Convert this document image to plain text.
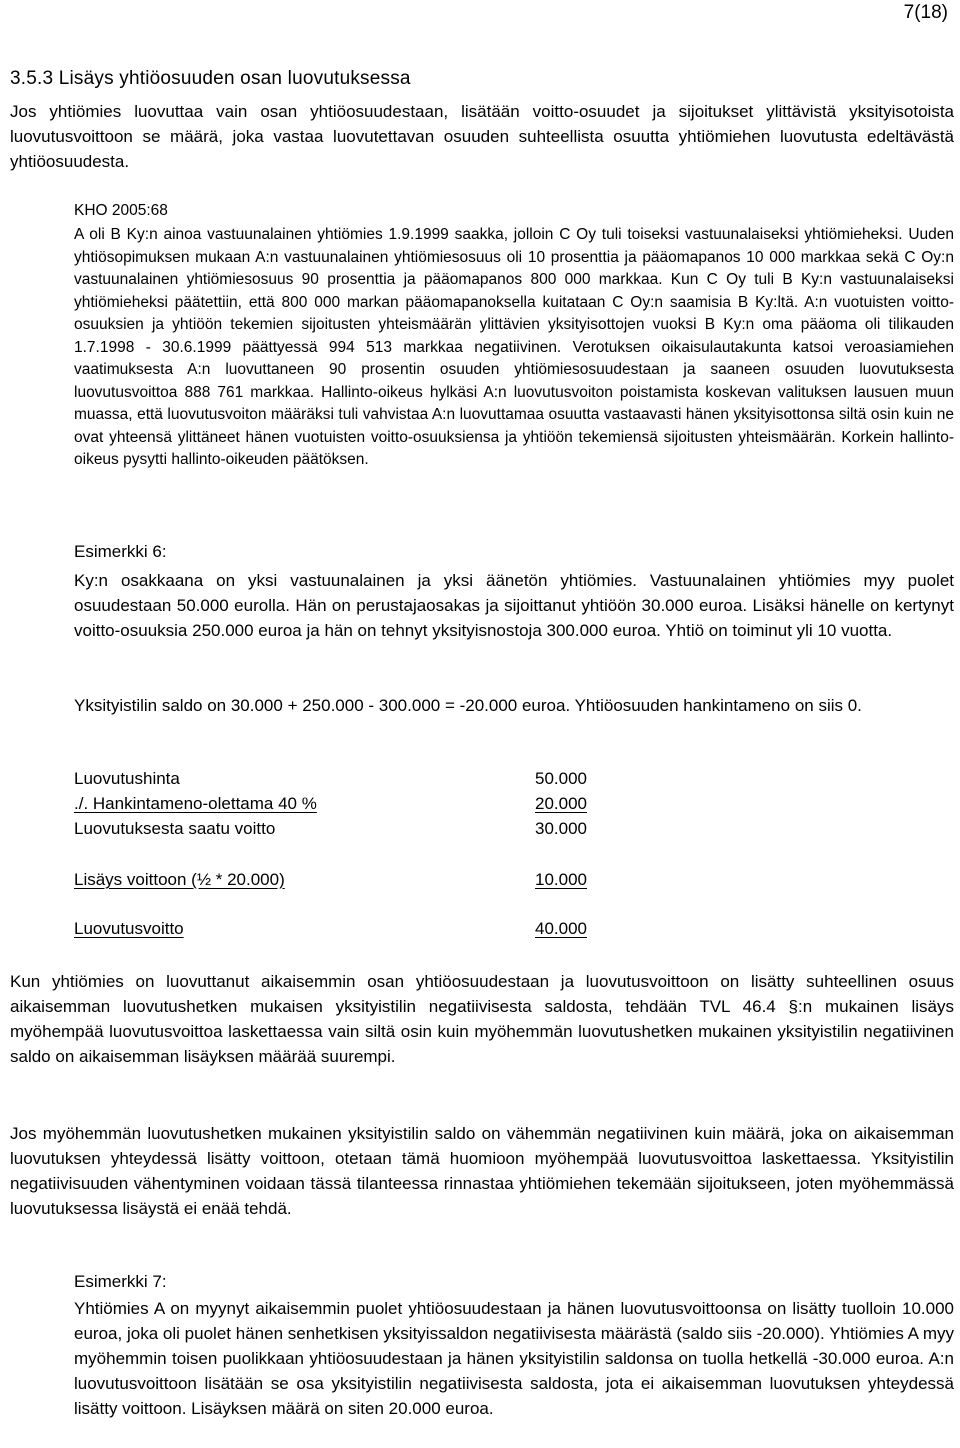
7(18)
3.5.3 Lisäys yhtiöosuuden osan luovutuksessa
Jos yhtiömies luovuttaa vain osan yhtiöosuudestaan, lisätään voitto-osuudet ja sijoitukset ylittävistä yksityisotoista luovutusvoittoon se määrä, joka vastaa luovutettavan osuuden suhteellista osuutta yhtiömiehen luovutusta edeltävästä yhtiöosuudesta.
KHO 2005:68
A oli B Ky:n ainoa vastuunalainen yhtiömies 1.9.1999 saakka, jolloin C Oy tuli toiseksi vastuunalaiseksi yhtiömieheksi. Uuden yhtiösopimuksen mukaan A:n vastuunalainen yhtiömiesosuus oli 10 prosenttia ja pääomapanos 10 000 markkaa sekä C Oy:n vastuunalainen yhtiömiesosuus 90 prosenttia ja pääomapanos 800 000 markkaa. Kun C Oy tuli B Ky:n vastuunalaiseksi yhtiömieheksi päätettiin, että 800 000 markan pääomapanoksella kuitataan C Oy:n saamisia B Ky:ltä. A:n vuotuisten voitto-osuuksien ja yhtiöön tekemien sijoitusten yhteismäärän ylittävien yksityisottojen vuoksi B Ky:n oma pääoma oli tilikauden 1.7.1998 - 30.6.1999 päättyessä 994 513 markkaa negatiivinen. Verotuksen oikaisulautakunta katsoi veroasiamiehen vaatimuksesta A:n luovuttaneen 90 prosentin osuuden yhtiömiesosuudestaan ja saaneen osuuden luovutuksesta luovutusvoittoa 888 761 markkaa. Hallinto-oikeus hylkäsi A:n luovutusvoiton poistamista koskevan valituksen lausuen muun muassa, että luovutusvoiton määräksi tuli vahvistaa A:n luovuttamaa osuutta vastaavasti hänen yksityisottonsa siltä osin kuin ne ovat yhteensä ylittäneet hänen vuotuisten voitto-osuuksiensa ja yhtiöön tekemiensä sijoitusten yhteismäärän. Korkein hallinto-oikeus pysytti hallinto-oikeuden päätöksen.
Esimerkki 6:
Ky:n osakkaana on yksi vastuunalainen ja yksi äänetön yhtiömies. Vastuunalainen yhtiömies myy puolet osuudestaan 50.000 eurolla. Hän on perustajaosakas ja sijoittanut yhtiöön 30.000 euroa. Lisäksi hänelle on kertynyt voitto-osuuksia 250.000 euroa ja hän on tehnyt yksityisnostoja 300.000 euroa. Yhtiö on toiminut yli 10 vuotta.
Yksityistilin saldo on 30.000 + 250.000 - 300.000 = -20.000 euroa. Yhtiöosuuden hankintameno on siis 0.
Luovutushinta	50.000
./. Hankintameno-olettama 40 %	20.000
Luovutuksesta saatu voitto	30.000
Lisäys voittoon (½ * 20.000)	10.000
Luovutusvoitto	40.000
Kun yhtiömies on luovuttanut aikaisemmin osan yhtiöosuudestaan ja luovutusvoittoon on lisätty suhteellinen osuus aikaisemman luovutushetken mukaisen yksityistilin negatiivisesta saldosta, tehdään TVL 46.4 §:n mukainen lisäys myöhempää luovutusvoittoa laskettaessa vain siltä osin kuin myöhemmän luovutushetken mukainen yksityistilin negatiivinen saldo on aikaisemman lisäyksen määrää suurempi.
Jos myöhemmän luovutushetken mukainen yksityistilin saldo on vähemmän negatiivinen kuin määrä, joka on aikaisemman luovutuksen yhteydessä lisätty voittoon, otetaan tämä huomioon myöhempää luovutusvoittoa laskettaessa. Yksityistilin negatiivisuuden vähentyminen voidaan tässä tilanteessa rinnastaa yhtiömiehen tekemään sijoitukseen, joten myöhemmässä luovutuksessa lisäystä ei enää tehdä.
Esimerkki 7:
Yhtiömies A on myynyt aikaisemmin puolet yhtiöosuudestaan ja hänen luovutusvoittoonsa on lisätty tuolloin 10.000 euroa, joka oli puolet hänen senhetkisen yksityissaldon negatiivisesta määrästä (saldo siis -20.000). Yhtiömies A myy myöhemmin toisen puolikkaan yhtiöosuudestaan ja hänen yksityistilin saldonsa on tuolla hetkellä -30.000 euroa. A:n luovutusvoittoon lisätään se osa yksityistilin negatiivisesta saldosta, jota ei aikaisemman luovutuksen yhteydessä lisätty voittoon. Lisäyksen määrä on siten 20.000 euroa.
